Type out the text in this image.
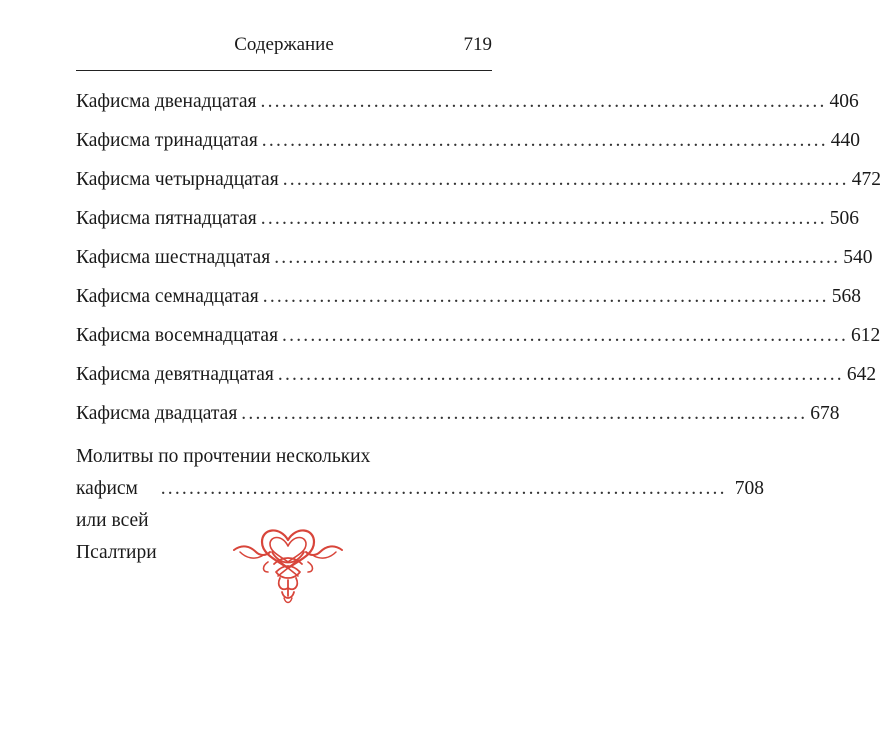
Содержание	719
Кафисма двенадцатая ................................................................................ 406
Кафисма тринадцатая ................................................................................ 440
Кафисма четырнадцатая ................................................................................ 472
Кафисма пятнадцатая ................................................................................ 506
Кафисма шестнадцатая ................................................................................ 540
Кафисма семнадцатая ................................................................................ 568
Кафисма восемнадцатая ................................................................................ 612
Кафисма девятнадцатая ................................................................................ 642
Кафисма двадцатая ................................................................................ 678
Молитвы по прочтении нескольких
кафисм или всей Псалтири
................................................................................ 708
